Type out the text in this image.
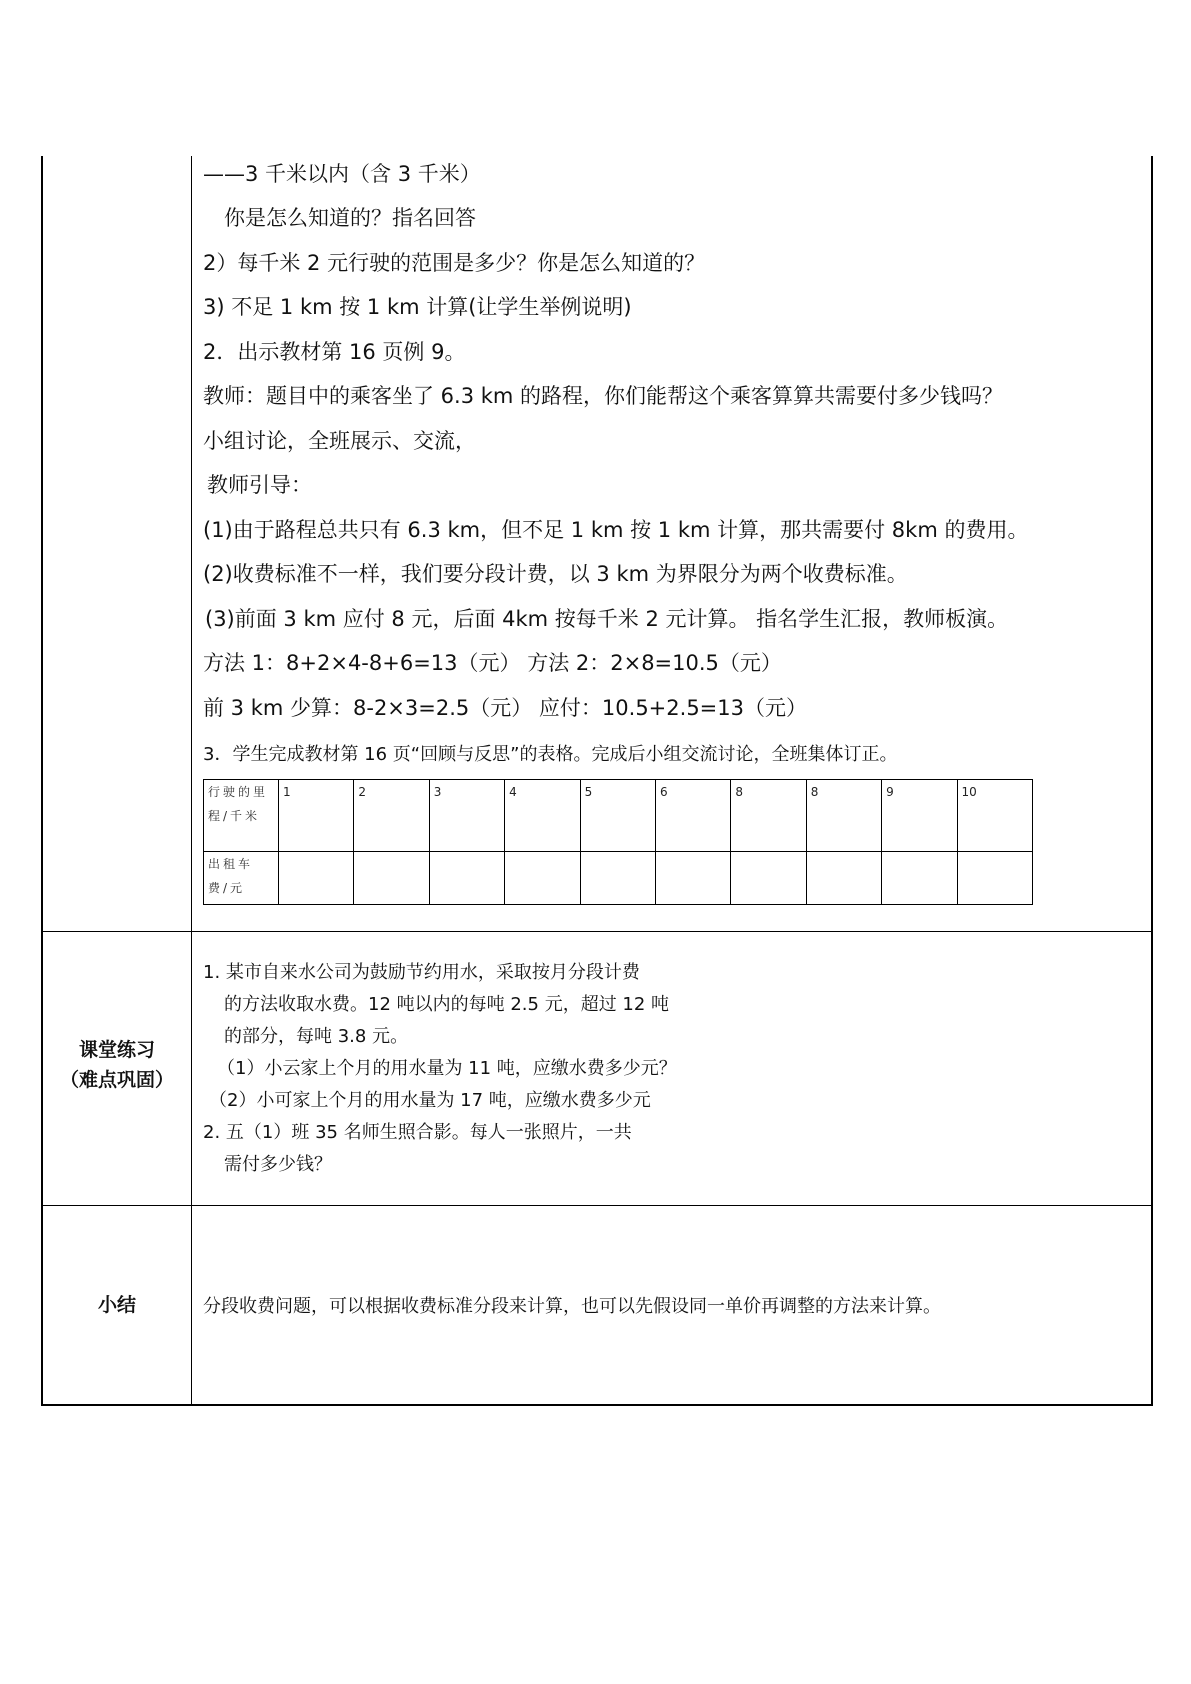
——3 千米以内（含 3 千米）
你是怎么知道的？指名回答
2）每千米 2 元行驶的范围是多少？你是怎么知道的？
3) 不足 1 km 按 1 km 计算(让学生举例说明)
2．出示教材第 16 页例 9。
教师：题目中的乘客坐了 6.3 km 的路程，你们能帮这个乘客算算共需要付多少钱吗？
小组讨论，全班展示、交流，
教师引导：
(1)由于路程总共只有 6.3 km，但不足 1 km 按 1 km 计算，那共需要付 8km 的费用。
(2)收费标准不一样，我们要分段计费，以 3 km 为界限分为两个收费标准。
(3)前面 3 km 应付 8 元，后面 4km 按每千米 2 元计算。 指名学生汇报，教师板演。
方法 1：8+2×4-8+6=13（元） 方法 2：2×8=10.5（元）
前 3 km 少算：8-2×3=2.5（元） 应付：10.5+2.5=13（元）
3．学生完成教材第 16 页“回顾与反思”的表格。完成后小组交流讨论，全班集体订正。
行驶的里程/千米	1	2	3	4	5	6	8	8	9	10
出租车费/元										
课堂练习
（难点巩固）
1. 某市自来水公司为鼓励节约用水，采取按月分段计费
的方法收取水费。12 吨以内的每吨 2.5 元，超过 12 吨
的部分，每吨 3.8 元。
（1）小云家上个月的用水量为 11 吨，应缴水费多少元？
（2）小可家上个月的用水量为 17 吨，应缴水费多少元
2. 五（1）班 35 名师生照合影。每人一张照片，一共
需付多少钱？
小结	分段收费问题，可以根据收费标准分段来计算，也可以先假设同一单价再调整的方法来计算。
